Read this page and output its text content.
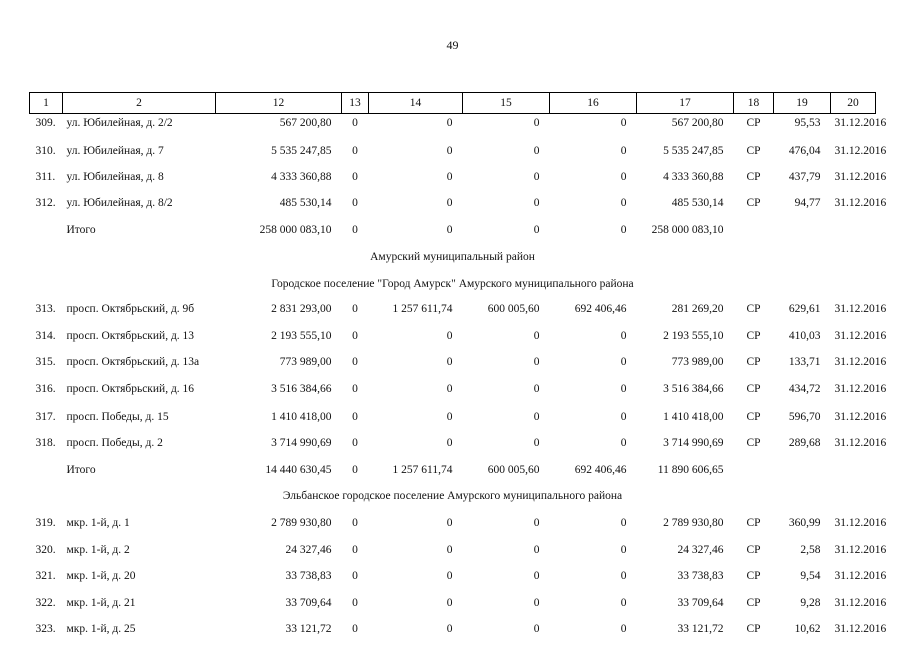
49
1	2	12	13	14	15	16	17	18	19	20
309.	ул. Юбилейная, д. 2/2	567 200,80	0	0	0	0	567 200,80	СР	95,53	31.12.2016
310.	ул. Юбилейная, д. 7	5 535 247,85	0	0	0	0	5 535 247,85	СР	476,04	31.12.2016
311.	ул. Юбилейная, д. 8	4 333 360,88	0	0	0	0	4 333 360,88	СР	437,79	31.12.2016
312.	ул. Юбилейная, д. 8/2	485 530,14	0	0	0	0	485 530,14	СР	94,77	31.12.2016
	Итого	258 000 083,10	0	0	0	0	258 000 083,10			
Амурский муниципальный район										
Городское поселение "Город Амурск" Амурского муниципального района										
313.	просп. Октябрьский, д. 9б	2 831 293,00	0	1 257 611,74	600 005,60	692 406,46	281 269,20	СР	629,61	31.12.2016
314.	просп. Октябрьский, д. 13	2 193 555,10	0	0	0	0	2 193 555,10	СР	410,03	31.12.2016
315.	просп. Октябрьский, д. 13а	773 989,00	0	0	0	0	773 989,00	СР	133,71	31.12.2016
316.	просп. Октябрьский, д. 16	3 516 384,66	0	0	0	0	3 516 384,66	СР	434,72	31.12.2016
317.	просп. Победы, д. 15	1 410 418,00	0	0	0	0	1 410 418,00	СР	596,70	31.12.2016
318.	просп. Победы, д. 2	3 714 990,69	0	0	0	0	3 714 990,69	СР	289,68	31.12.2016
	Итого	14 440 630,45	0	1 257 611,74	600 005,60	692 406,46	11 890 606,65			
Эльбанское городское поселение Амурского муниципального района										
319.	мкр. 1-й, д. 1	2 789 930,80	0	0	0	0	2 789 930,80	СР	360,99	31.12.2016
320.	мкр. 1-й, д. 2	24 327,46	0	0	0	0	24 327,46	СР	2,58	31.12.2016
321.	мкр. 1-й, д. 20	33 738,83	0	0	0	0	33 738,83	СР	9,54	31.12.2016
322.	мкр. 1-й, д. 21	33 709,64	0	0	0	0	33 709,64	СР	9,28	31.12.2016
323.	мкр. 1-й, д. 25	33 121,72	0	0	0	0	33 121,72	СР	10,62	31.12.2016
